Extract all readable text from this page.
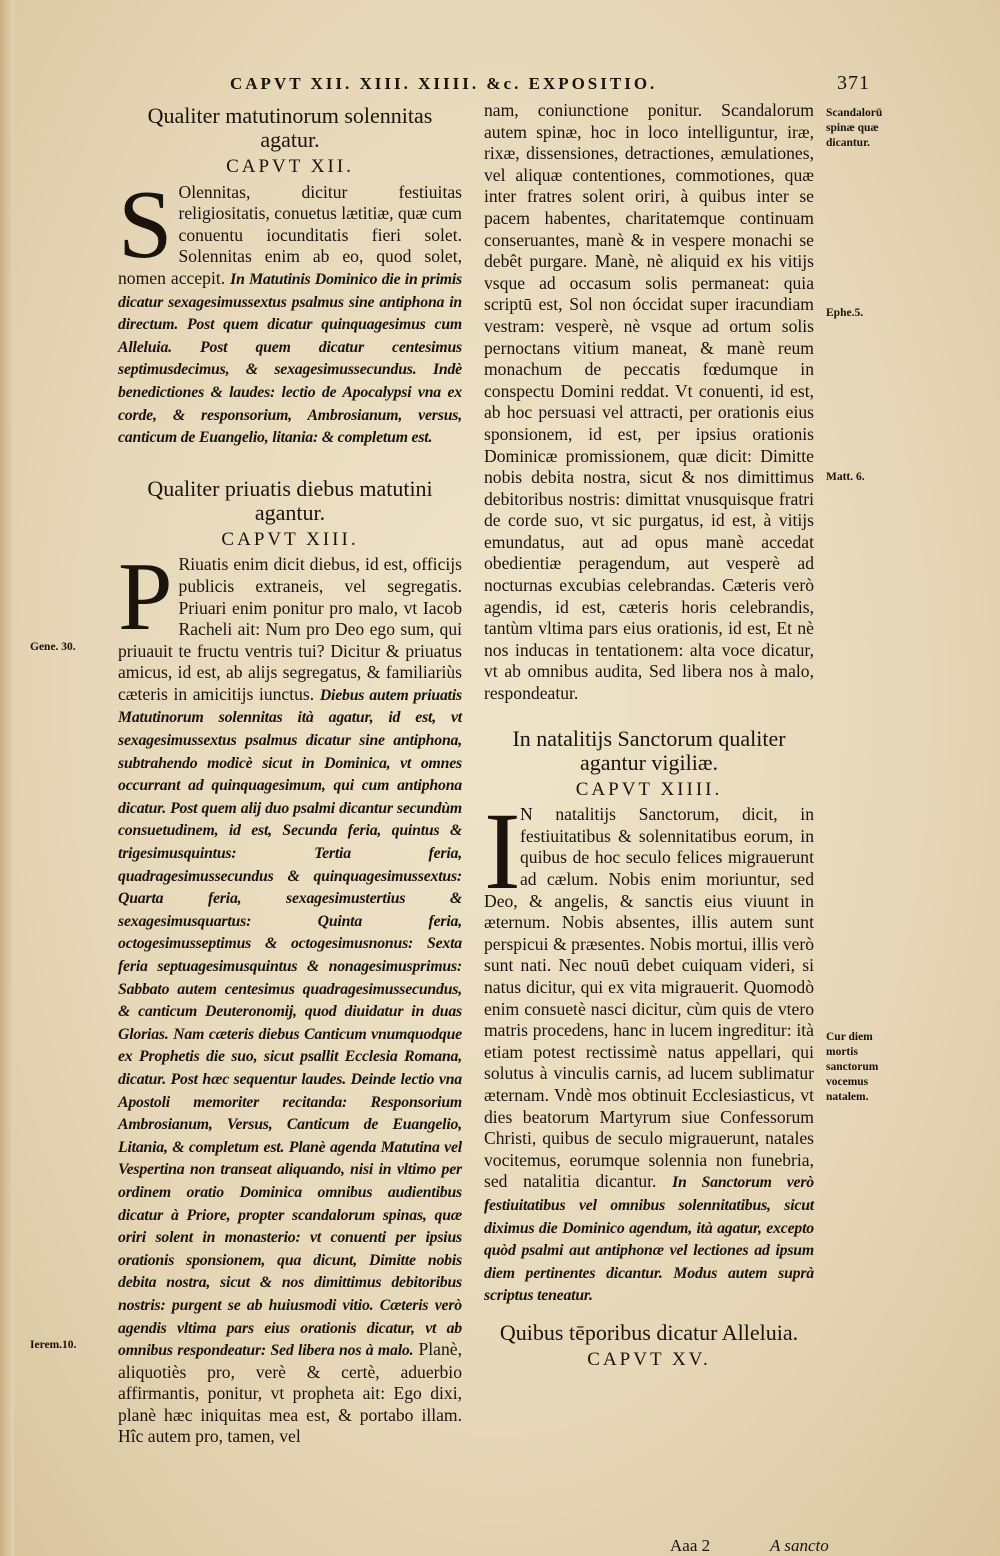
CAPVT XII. XIII. XIIII. &c. EXPOSITIO.	371
Qualiter matutinorum solennitas agatur.
CAPVT XII.

S Olennitas, dicitur festiuitas religiositatis, conuetus lætitiæ, quæ cum conuentu iocunditatis fieri solet. Solennitas enim ab eo, quod solet, nomen accepit. In Matutinis Dominico die in primis dicatur sexagesimussextus psalmus sine antiphona in directum. Post quem dicatur quinquagesimus cum Alleluia. Post quem dicatur centesimus septimusdecimus, & sexagesimussecundus. Indè benedictiones & laudes: lectio de Apocalypsi vna ex corde, & responsorium, Ambrosianum, versus, canticum de Euangelio, litania: & completum est.

Qualiter priuatis diebus matutini agantur.
CAPVT XIII.

P Riuatis enim dicit diebus, id est, officijs publicis extraneis, vel segregatis. Priuari enim ponitur pro malo, vt Iacob Racheli ait: Num pro Deo ego sum, qui priuauit te fructu ventris tui? Dicitur & priuatus amicus, id est, ab alijs segregatus, & familiariùs cæteris in amicitijs iunctus. Diebus autem priuatis Matutinorum solennitas ità agatur, id est, vt sexagesimussextus psalmus dicatur sine antiphona, subtrahendo modicè sicut in Dominica, vt omnes occurrant ad quinquagesimum, qui cum antiphona dicatur. Post quem alij duo psalmi dicantur secundùm consuetudinem, id est, Secunda feria, quintus & trigesimusquintus: Tertia feria, quadragesimussecundus & quinquagesimussextus: Quarta feria, sexagesimustertius & sexagesimusquartus: Quinta feria, octogesimusseptimus & octogesimusnonus: Sexta feria septuagesimusquintus & nonagesimusprimus: Sabbato autem centesimus quadragesimussecundus, & canticum Deuteronomij, quod diuidatur in duas Glorias. Nam cæteris diebus Canticum vnumquodque ex Prophetis die suo, sicut psallit Ecclesia Romana, dicatur. Post hæc sequentur laudes. Deinde lectio vna Apostoli memoriter recitanda: Responsorium Ambrosianum, Versus, Canticum de Euangelio, Litania, & completum est. Planè agenda Matutina vel Vespertina non transeat aliquando, nisi in vltimo per ordinem oratio Dominica omnibus audientibus dicatur à Priore, propter scandalorum spinas, quæ oriri solent in monasterio: vt conuenti per ipsius orationis sponsionem, qua dicunt, Dimitte nobis debita nostra, sicut & nos dimittimus debitoribus nostris: purgent se ab huiusmodi vitio. Cæteris verò agendis vltima pars eius orationis dicatur, vt ab omnibus respondeatur: Sed libera nos à malo. Planè, aliquotiès pro, verè & certè, aduerbio affirmantis, ponitur, vt propheta ait: Ego dixi, planè hæc iniquitas mea est, & portabo illam. Hîc autem pro, tamen, vel

nam, coniunctione ponitur. Scandalorum autem spinæ, hoc in loco intelliguntur, iræ, rixæ, dissensiones, detractiones, æmulationes, vel aliquæ contentiones, commotiones, quæ inter fratres solent oriri, à quibus inter se pacem habentes, charitatemque continuam conseruantes, manè & in vespere monachi se debêt purgare. Manè, nè aliquid ex his vitijs vsque ad occasum solis permaneat: quia scriptū est, Sol non óccidat super iracundiam vestram: vesperè, nè vsque ad ortum solis pernoctans vitium maneat, & manè reum monachum de peccatis fœdumque in conspectu Domini reddat. Vt conuenti, id est, ab hoc persuasi vel attracti, per orationis eius sponsionem, id est, per ipsius orationis Dominicæ promissionem, quæ dicit: Dimitte nobis debita nostra, sicut & nos dimittimus debitoribus nostris: dimittat vnusquisque fratri de corde suo, vt sic purgatus, id est, à vitijs emundatus, aut ad opus manè accedat obedientiæ peragendum, aut vesperè ad nocturnas excubias celebrandas. Cæteris verò agendis, id est, cæteris horis celebrandis, tantùm vltima pars eius orationis, id est, Et nè nos inducas in tentationem: alta voce dicatur, vt ab omnibus audita, Sed libera nos à malo, respondeatur.

In natalitijs Sanctorum qualiter agantur vigiliæ.
CAPVT XIIII.

I N natalitijs Sanctorum, dicit, in festiuitatibus & solennitatibus eorum, in quibus de hoc seculo felices migrauerunt ad cælum. Nobis enim moriuntur, sed Deo, & angelis, & sanctis eius viuunt in æternum. Nobis absentes, illis autem sunt perspicui & præsentes. Nobis mortui, illis verò sunt nati. Nec nouū debet cuiquam videri, si natus dicitur, qui ex vita migrauerit. Quomodò enim consuetè nasci dicitur, cùm quis de vtero matris procedens, hanc in lucem ingreditur: ità etiam potest rectissimè natus appellari, qui solutus à vinculis carnis, ad lucem sublimatur æternam. Vndè mos obtinuit Ecclesiasticus, vt dies beatorum Martyrum siue Confessorum Christi, quibus de seculo migrauerunt, natales vocitemus, eorumque solennia non funebria, sed natalitia dicantur. In Sanctorum verò festiuitatibus vel omnibus solennitatibus, sicut diximus die Dominico agendum, ità agatur, excepto quòd psalmi aut antiphonæ vel lectiones ad ipsum diem pertinentes dicantur. Modus autem suprà scriptus teneatur.

Quibus tēporibus dicatur Alleluia.
CAPVT XV.
Gene. 30.
Ierem.10.
Scandalorū spinæ quæ dicantur.
Ephe.5.
Matt. 6.
Cur diem mortis sanctorum vocemus natalem.
Aaa 2	A sancto
